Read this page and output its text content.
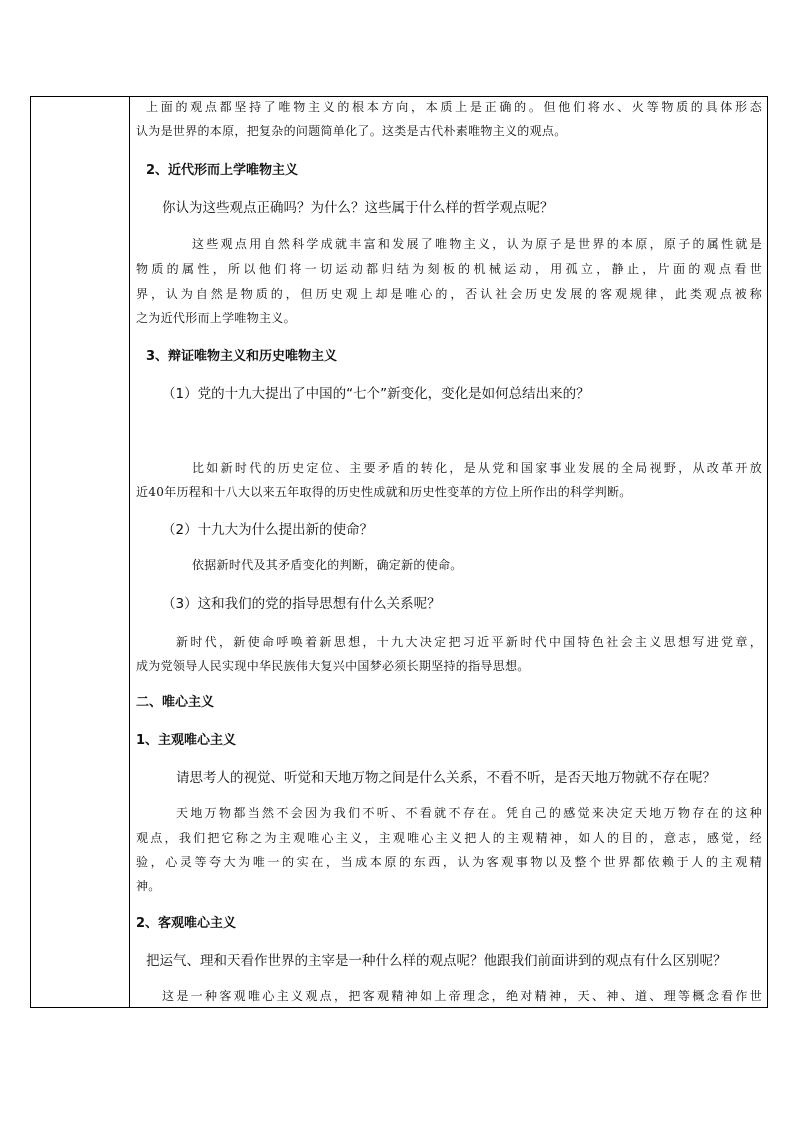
上面的观点都坚持了唯物主义的根本方向，本质上是正确的。但他们将水、火等物质的具体形态
认为是世界的本原，把复杂的问题简单化了。这类是古代朴素唯物主义的观点。
2、近代形而上学唯物主义
你认为这些观点正确吗？为什么？这些属于什么样的哲学观点呢？
这些观点用自然科学成就丰富和发展了唯物主义，认为原子是世界的本原，原子的属性就是
物质的属性，所以他们将一切运动都归结为刻板的机械运动，用孤立，静止，片面的观点看世
界，认为自然是物质的，但历史观上却是唯心的，否认社会历史发展的客观规律，此类观点被称
之为近代形而上学唯物主义。
3、辩证唯物主义和历史唯物主义
（1）党的十九大提出了中国的“七个”新变化，变化是如何总结出来的？
比如新时代的历史定位、主要矛盾的转化，是从党和国家事业发展的全局视野，从改革开放
近40年历程和十八大以来五年取得的历史性成就和历史性变革的方位上所作出的科学判断。
（2）十九大为什么提出新的使命？
依据新时代及其矛盾变化的判断，确定新的使命。
（3）这和我们的党的指导思想有什么关系呢？
新时代，新使命呼唤着新思想，十九大决定把习近平新时代中国特色社会主义思想写进党章，
成为党领导人民实现中华民族伟大复兴中国梦必须长期坚持的指导思想。
二、唯心主义
1、主观唯心主义
请思考人的视觉、听觉和天地万物之间是什么关系，不看不听，是否天地万物就不存在呢？
天地万物都当然不会因为我们不听、不看就不存在。凭自己的感觉来决定天地万物存在的这种
观点，我们把它称之为主观唯心主义，主观唯心主义把人的主观精神，如人的目的，意志，感觉，经
验，心灵等夸大为唯一的实在，当成本原的东西，认为客观事物以及整个世界都依赖于人的主观精
神。
2、客观唯心主义
把运气、理和天看作世界的主宰是一种什么样的观点呢？他跟我们前面讲到的观点有什么区别呢？
这是一种客观唯心主义观点，把客观精神如上帝理念，绝对精神，天、神、道、理等概念看作世
